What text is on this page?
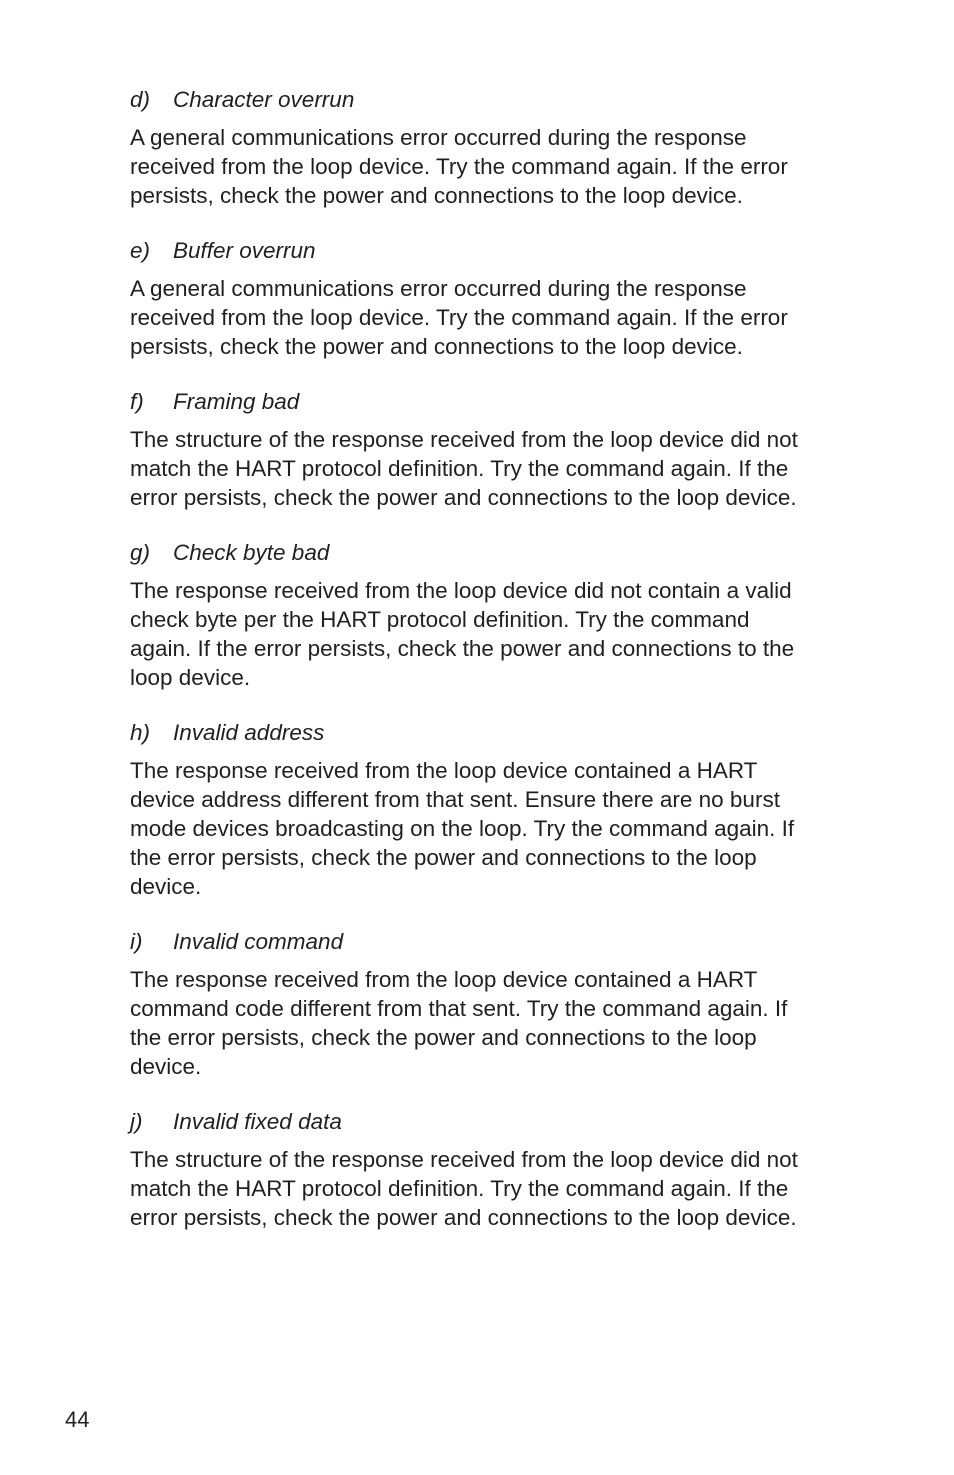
d)	Character overrun

A general communications error occurred during the response
received from the loop device. Try the command again. If the error
persists, check the power and connections to the loop device.

e)	Buffer overrun

A general communications error occurred during the response
received from the loop device. Try the command again. If the error
persists, check the power and connections to the loop device.

f)	Framing bad

The structure of the response received from the loop device did not
match the HART protocol definition. Try the command again. If the
error persists, check the power and connections to the loop device.

g)	Check byte bad

The response received from the loop device did not contain a valid
check byte per the HART protocol definition. Try the command
again. If the error persists, check the power and connections to the
loop device.

h)	Invalid address

The response received from the loop device contained a HART
device address different from that sent. Ensure there are no burst
mode devices broadcasting on the loop. Try the command again. If
the error persists, check the power and connections to the loop
device.

i)	Invalid command

The response received from the loop device contained a HART
command code different from that sent. Try the command again. If
the error persists, check the power and connections to the loop
device.

j)	Invalid fixed data

The structure of the response received from the loop device did not
match the HART protocol definition. Try the command again. If the
error persists, check the power and connections to the loop device.

44
